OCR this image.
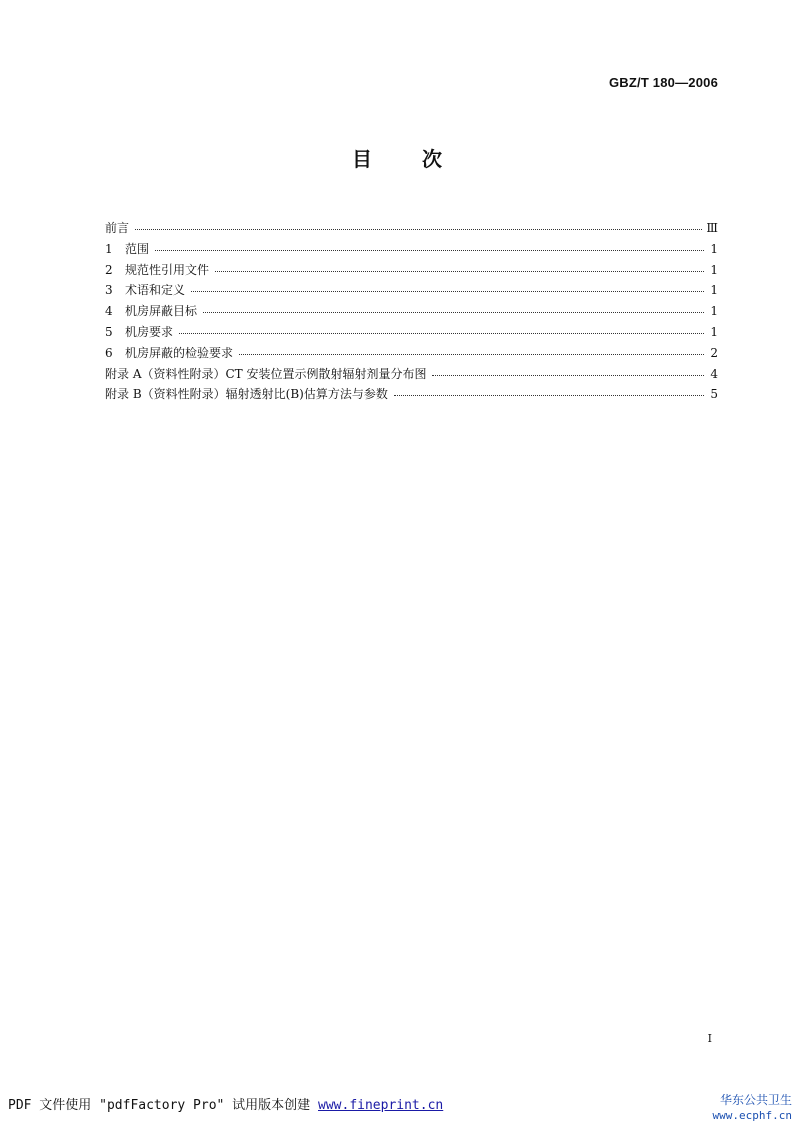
GBZ/T 180—2006
目	次
前言	Ⅲ
1	范围	1
2	规范性引用文件	1
3	术语和定义	1
4	机房屏蔽目标	1
5	机房要求	1
6	机房屏蔽的检验要求	2
附录 A（资料性附录）CT 安装位置示例散射辐射剂量分布图	4
附录 B（资料性附录）辐射透射比(B)估算方法与参数	5
I
PDF 文件使用 "pdfFactory Pro" 试用版本创建 www.fineprint.cn	华东公共卫生
www.ecphf.cn
